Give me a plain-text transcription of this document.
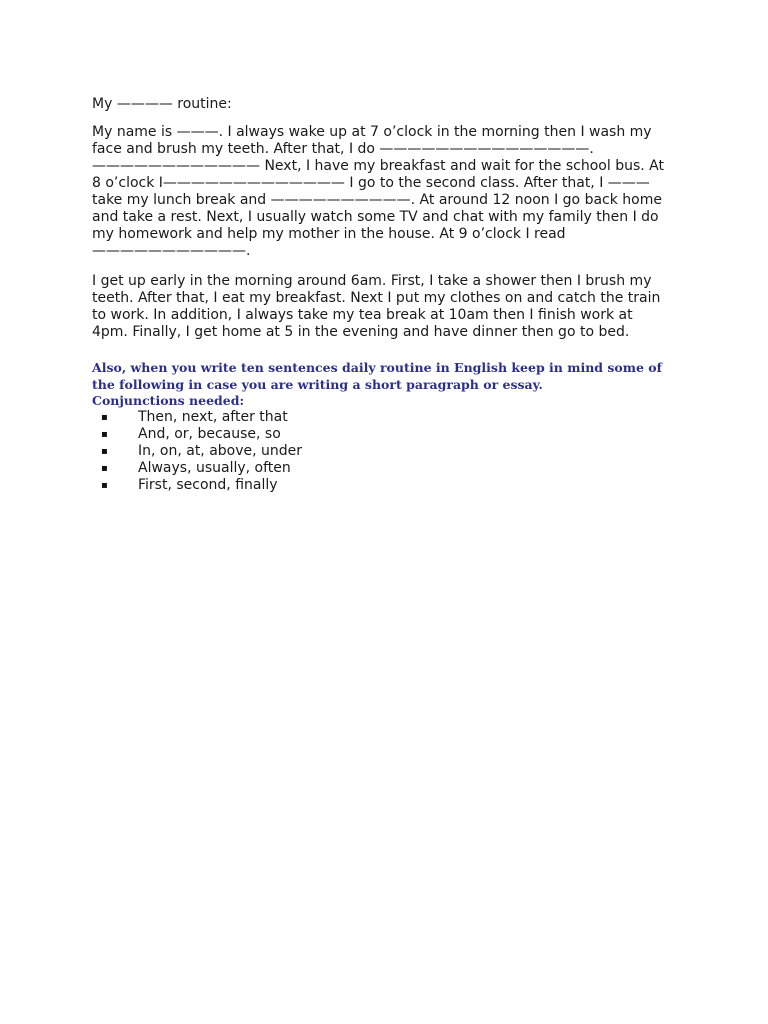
My ———— routine:

My name is ———. I always wake up at 7 o’clock in the morning then I wash my face and brush my teeth. After that, I do ———————————————. ———————————— Next, I have my breakfast and wait for the school bus. At 8 o’clock I————————————— I go to the second class. After that, I ——— take my lunch break and ——————————. At around 12 noon I go back home and take a rest. Next, I usually watch some TV and chat with my family then I do my homework and help my mother in the house. At 9 o’clock I read ———————————.

I get up early in the morning around 6am. First, I take a shower then I brush my teeth. After that, I eat my breakfast. Next I put my clothes on and catch the train to work. In addition, I always take my tea break at 10am then I finish work at 4pm. Finally, I get home at 5 in the evening and have dinner then go to bed.

Also, when you write ten sentences daily routine in English keep in mind some of the following in case you are writing a short paragraph or essay.

Conjunctions needed:
▪ Then, next, after that
▪ And, or, because, so
▪ In, on, at, above, under
▪ Always, usually, often
▪ First, second, finally
